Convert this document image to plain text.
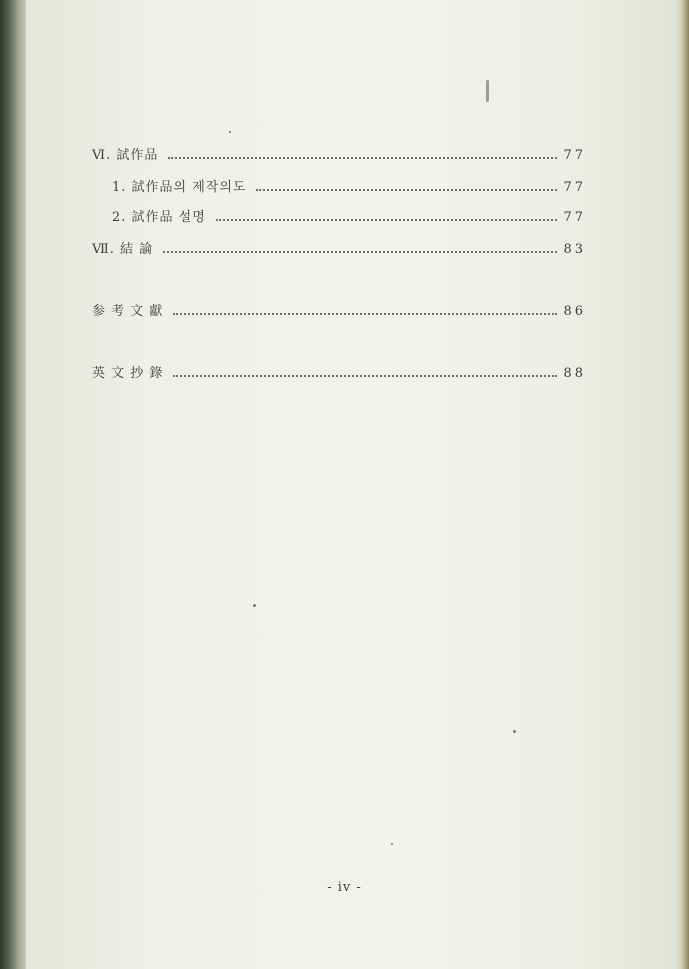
Ⅵ. 試作品	77
1. 試作品의 제작의도	77
2. 試作品 설명	77
Ⅶ. 結 論	83
参 考 文 獻	86
英 文 抄 錄	88
- iv -
